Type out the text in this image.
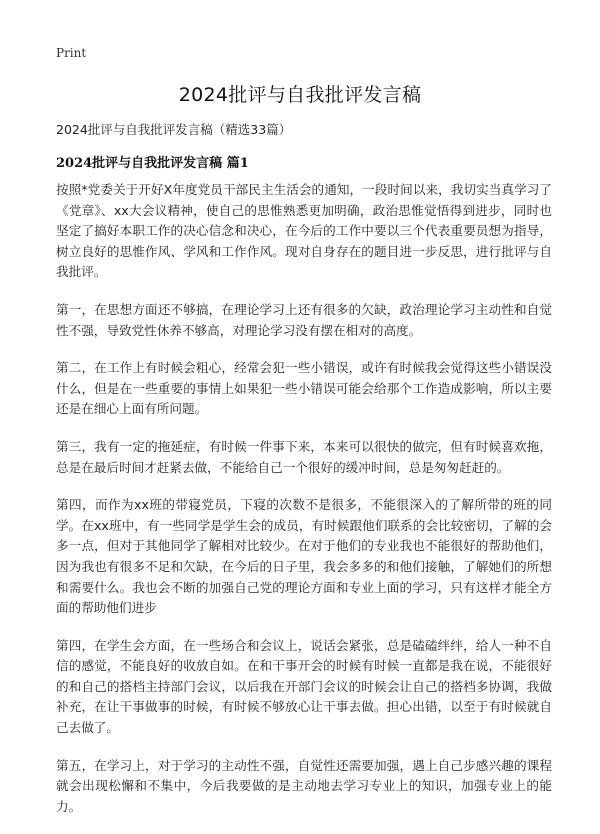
Print
2024批评与自我批评发言稿

2024批评与自我批评发言稿（精选33篇）

2024批评与自我批评发言稿 篇1

按照*党委关于开好X年度党员干部民主生活会的通知，一段时间以来，我切实当真学习了《党章》、xx大会议精神，使自己的思惟熟悉更加明确，政治思惟觉悟得到进步，同时也坚定了搞好本职工作的决心信念和决心，在今后的工作中要以三个代表重要员想为指导，树立良好的思惟作风、学风和工作作风。现对自身存在的题目进一步反思，进行批评与自我批评。

第一，在思想方面还不够搞，在理论学习上还有很多的欠缺，政治理论学习主动性和自觉性不强，导致党性休养不够高，对理论学习没有摆在相对的高度。

第二，在工作上有时候会粗心，经常会犯一些小错误，或许有时候我会觉得这些小错误没什么，但是在一些重要的事情上如果犯一些小错误可能会给那个工作造成影响，所以主要还是在细心上面有所问题。

第三，我有一定的拖延症，有时候一件事下来，本来可以很快的做完，但有时候喜欢拖，总是在最后时间才赶紧去做，不能给自己一个很好的缓冲时间，总是匆匆赶赶的。

第四，而作为xx班的带寝党员，下寝的次数不是很多，不能很深入的了解所带的班的同学。在xx班中，有一些同学是学生会的成员，有时候跟他们联系的会比较密切，了解的会多一点，但对于其他同学了解相对比较少。在对于他们的专业我也不能很好的帮助他们，因为我也有很多不足和欠缺，在今后的日子里，我会多多的和他们接触，了解她们的所想和需要什么。我也会不断的加强自己党的理论方面和专业上面的学习，只有这样才能全方面的帮助他们进步

第四，在学生会方面，在一些场合和会议上，说话会紧张，总是磕磕绊绊，给人一种不自信的感觉，不能良好的收放自如。在和干事开会的时候有时候一直都是我在说，不能很好的和自己的搭档主持部门会议，以后我在开部门会议的时候会让自己的搭档多协调，我做补充，在让干事做事的时候，有时候不够放心让干事去做。担心出错，以至于有时候就自己去做了。

第五，在学习上，对于学习的主动性不强，自觉性还需要加强，遇上自己步感兴趣的课程就会出现松懈和不集中，今后我要做的是主动地去学习专业上的知识，加强专业上的能力。
